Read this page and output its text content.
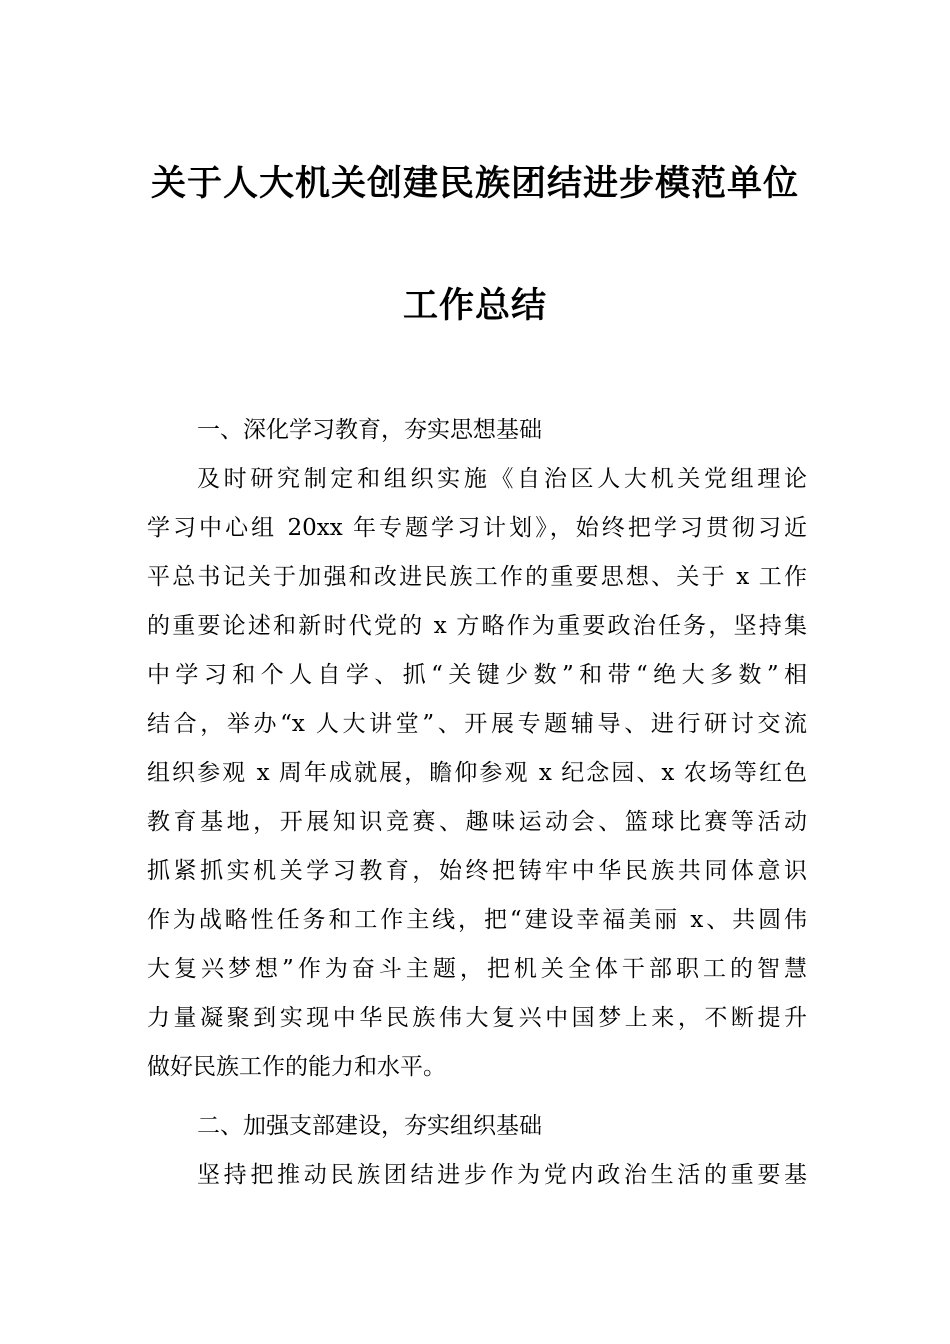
关于人大机关创建民族团结进步模范单位
工作总结
一、深化学习教育，夯实思想基础
及时研究制定和组织实施《自治区人大机关党组理论
学习中心组 20xx 年专题学习计划》，始终把学习贯彻习近
平总书记关于加强和改进民族工作的重要思想、关于 x 工作
的重要论述和新时代党的 x 方略作为重要政治任务，坚持集
中学习和个人自学、抓“关键少数”和带“绝大多数”相
结合，举办“x 人大讲堂”、开展专题辅导、进行研讨交流
组织参观 x 周年成就展，瞻仰参观 x 纪念园、x 农场等红色
教育基地，开展知识竞赛、趣味运动会、篮球比赛等活动
抓紧抓实机关学习教育，始终把铸牢中华民族共同体意识
作为战略性任务和工作主线，把“建设幸福美丽 x、共圆伟
大复兴梦想”作为奋斗主题，把机关全体干部职工的智慧
力量凝聚到实现中华民族伟大复兴中国梦上来，不断提升
做好民族工作的能力和水平。
二、加强支部建设，夯实组织基础
坚持把推动民族团结进步作为党内政治生活的重要基
